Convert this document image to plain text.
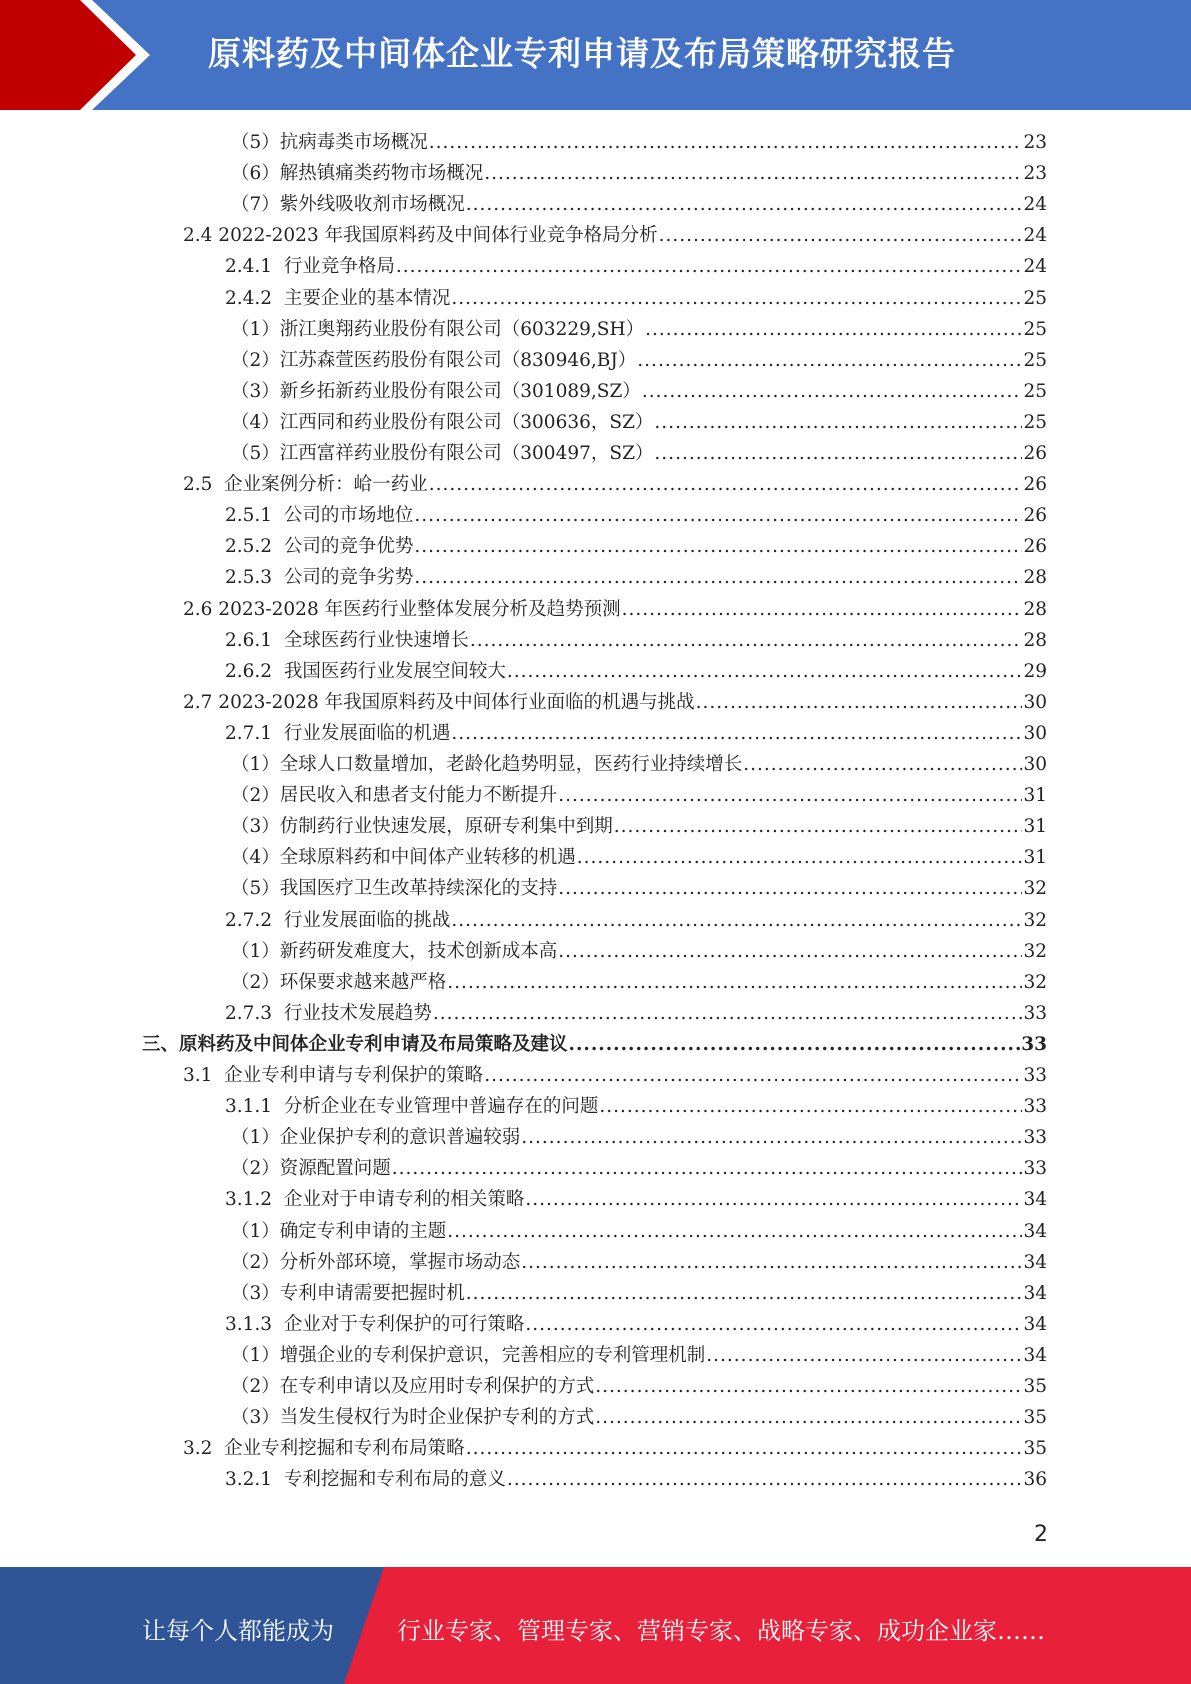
原料药及中间体企业专利申请及布局策略研究报告
（5）抗病毒类市场概况 .....	23
（6）解热镇痛类药物市场概况 .....	23
（7）紫外线吸收剂市场概况 .....	24
2.4 2022-2023 年我国原料药及中间体行业竞争格局分析 .....	24
2.4.1  行业竞争格局 .....	24
2.4.2  主要企业的基本情况 .....	25
（1）浙江奥翔药业股份有限公司（603229,SH） .....	25
（2）江苏森萱医药股份有限公司（830946,BJ） .....	25
（3）新乡拓新药业股份有限公司（301089,SZ） .....	25
（4）江西同和药业股份有限公司（300636，SZ） .....	25
（5）江西富祥药业股份有限公司（300497，SZ） .....	26
2.5  企业案例分析：峆一药业 .....	26
2.5.1  公司的市场地位 .....	26
2.5.2  公司的竞争优势 .....	26
2.5.3  公司的竞争劣势 .....	28
2.6 2023-2028 年医药行业整体发展分析及趋势预测 .....	28
2.6.1  全球医药行业快速增长 .....	28
2.6.2  我国医药行业发展空间较大 .....	29
2.7 2023-2028 年我国原料药及中间体行业面临的机遇与挑战 .....	30
2.7.1  行业发展面临的机遇 .....	30
（1）全球人口数量增加，老龄化趋势明显，医药行业持续增长 .....	30
（2）居民收入和患者支付能力不断提升 .....	31
（3）仿制药行业快速发展，原研专利集中到期 .....	31
（4）全球原料药和中间体产业转移的机遇 .....	31
（5）我国医疗卫生改革持续深化的支持 .....	32
2.7.2  行业发展面临的挑战 .....	32
（1）新药研发难度大，技术创新成本高 .....	32
（2）环保要求越来越严格 .....	32
2.7.3  行业技术发展趋势 .....	33
三、原料药及中间体企业专利申请及布局策略及建议 .....	33
3.1  企业专利申请与专利保护的策略 .....	33
3.1.1  分析企业在专业管理中普遍存在的问题 .....	33
（1）企业保护专利的意识普遍较弱 .....	33
（2）资源配置问题 .....	33
3.1.2  企业对于申请专利的相关策略 .....	34
（1）确定专利申请的主题 .....	34
（2）分析外部环境，掌握市场动态 .....	34
（3）专利申请需要把握时机 .....	34
3.1.3  企业对于专利保护的可行策略 .....	34
（1）增强企业的专利保护意识，完善相应的专利管理机制 .....	34
（2）在专利申请以及应用时专利保护的方式 .....	35
（3）当发生侵权行为时企业保护专利的方式 .....	35
3.2  企业专利挖掘和专利布局策略 .....	35
3.2.1  专利挖掘和专利布局的意义 .....	36
2
让每个人都能成为	行业专家、管理专家、营销专家、战略专家、成功企业家……
